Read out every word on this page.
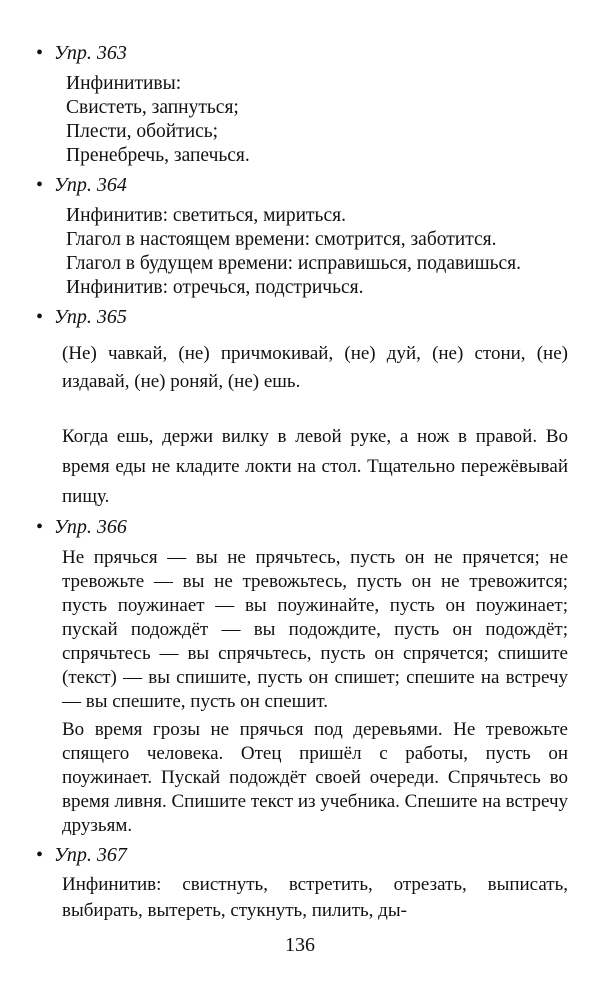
• Упр. 363
Инфинитивы:
Свистеть, запнуться;
Плести, обойтись;
Пренебречь, запечься.
• Упр. 364
Инфинитив: светиться, мириться.
Глагол в настоящем времени: смотрится, заботится.
Глагол в будущем времени: исправишься, подавишься.
Инфинитив: отречься, подстричься.
• Упр. 365
(Не) чавкай, (не) причмокивай, (не) дуй, (не) стони, (не) издавай, (не) роняй, (не) ешь.
Когда ешь, держи вилку в левой руке, а нож в правой. Во время еды не кладите локти на стол. Тщательно пережёвывай пищу.
• Упр. 366
Не прячься — вы не прячьтесь, пусть он не прячется; не тревожьте — вы не тревожьтесь, пусть он не тревожится; пусть поужинает — вы поужинайте, пусть он поужинает; пускай подождёт — вы подождите, пусть он подождёт; спрячьтесь — вы спрячьтесь, пусть он спрячется; спишите (текст) — вы спишите, пусть он спишет; спешите на встречу — вы спешите, пусть он спешит.
Во время грозы не прячься под деревьями. Не тревожьте спящего человека. Отец пришёл с работы, пусть он поужинает. Пускай подождёт своей очереди. Спрячьтесь во время ливня. Спишите текст из учебника. Спешите на встречу друзьям.
• Упр. 367
Инфинитив: свистнуть, встретить, отрезать, выписать, выбирать, вытереть, стукнуть, пилить, ды-
136
